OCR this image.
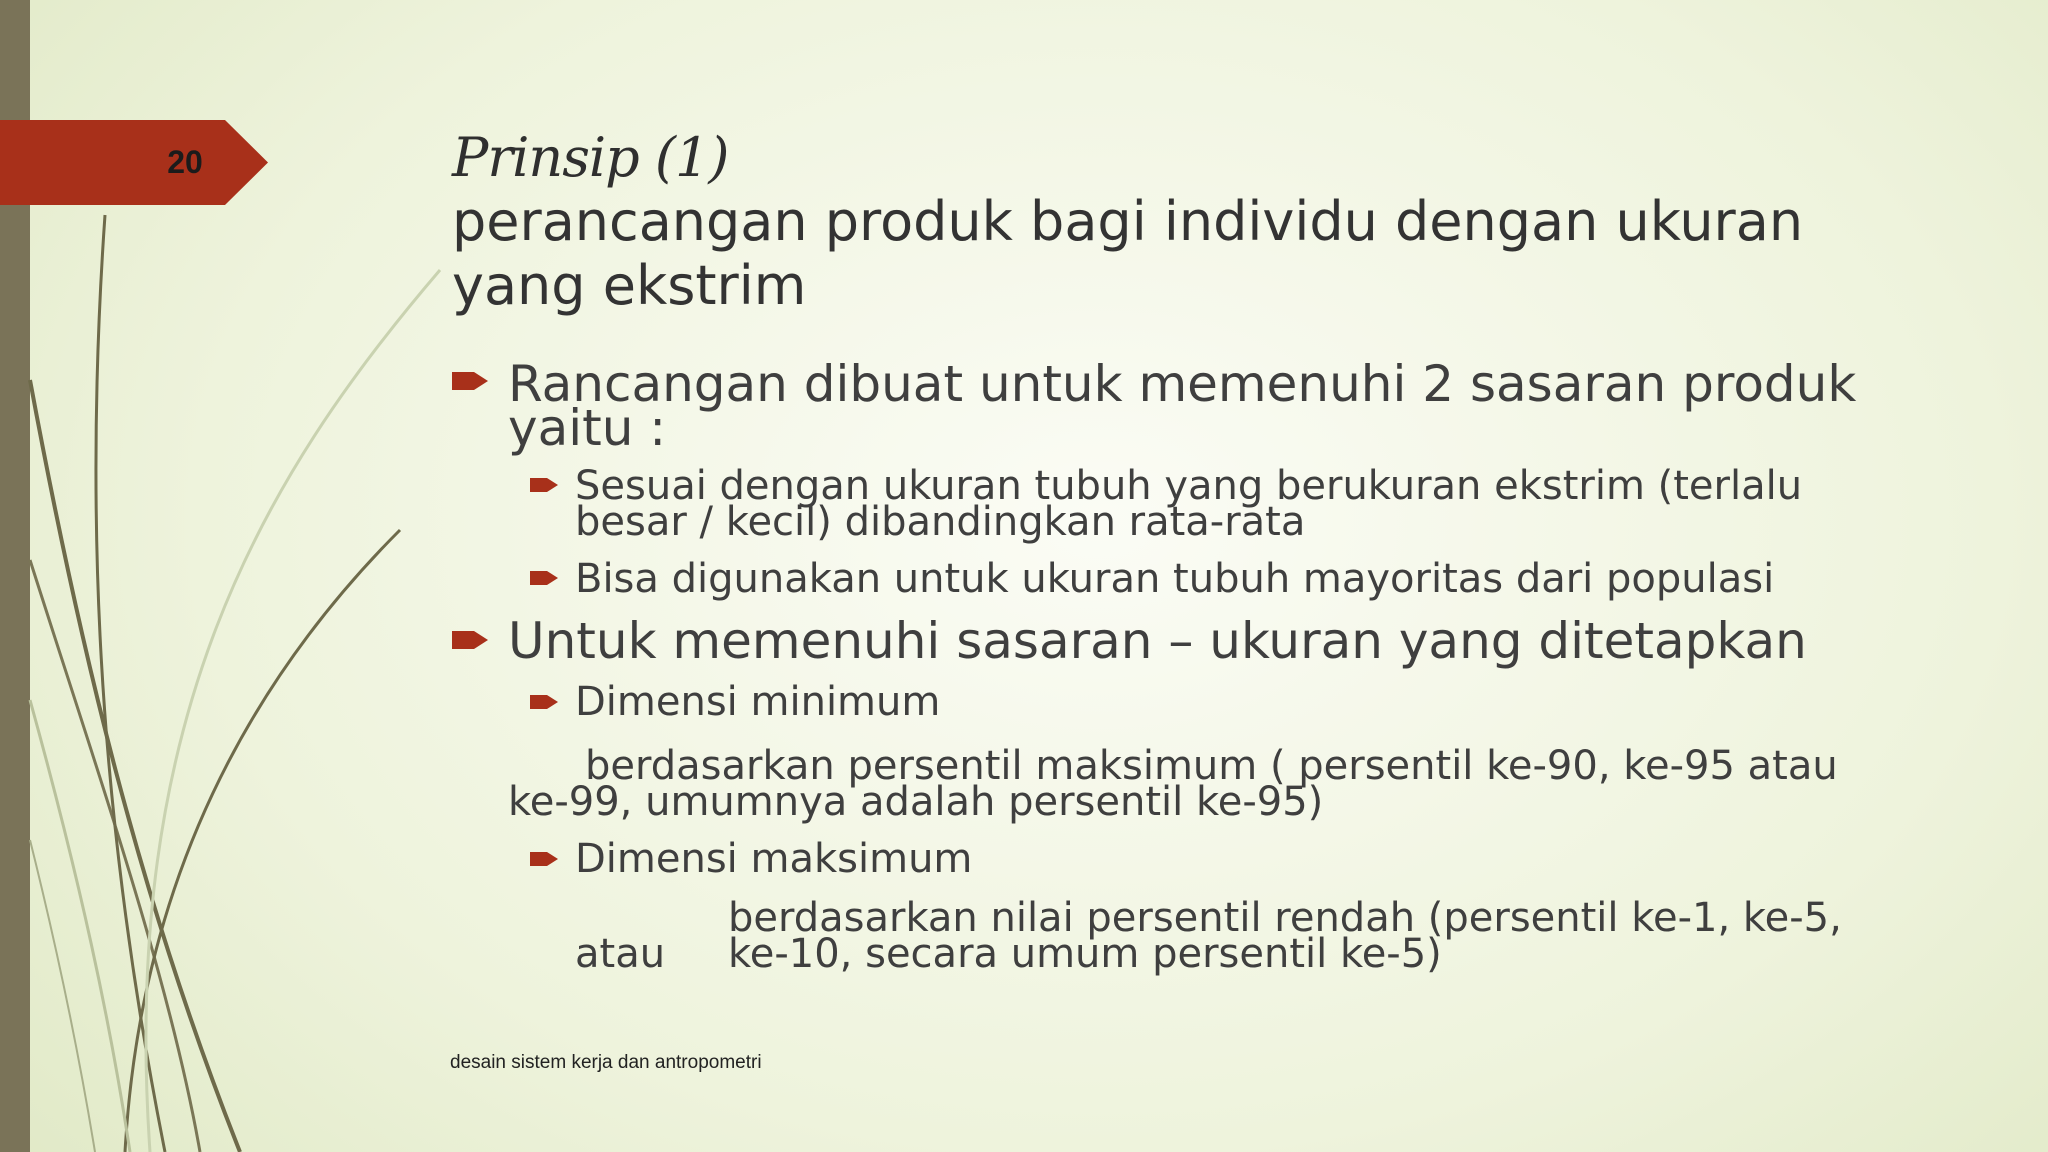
20	Prinsip (1)
perancangan produk bagi individu dengan ukuran yang ekstrim
Rancangan dibuat untuk memenuhi 2 sasaran produk
yaitu :
Sesuai dengan ukuran tubuh yang berukuran ekstrim (terlalu
besar / kecil) dibandingkan rata-rata
Bisa digunakan untuk ukuran tubuh mayoritas dari populasi
Untuk memenuhi sasaran – ukuran yang ditetapkan
Dimensi minimum
berdasarkan persentil maksimum ( persentil ke-90, ke-95 atau
ke-99, umumnya adalah persentil ke-95)
Dimensi maksimum
berdasarkan nilai persentil rendah (persentil ke-1, ke-5,
atau ke-10, secara umum persentil ke-5)
desain sistem kerja dan antropometri
